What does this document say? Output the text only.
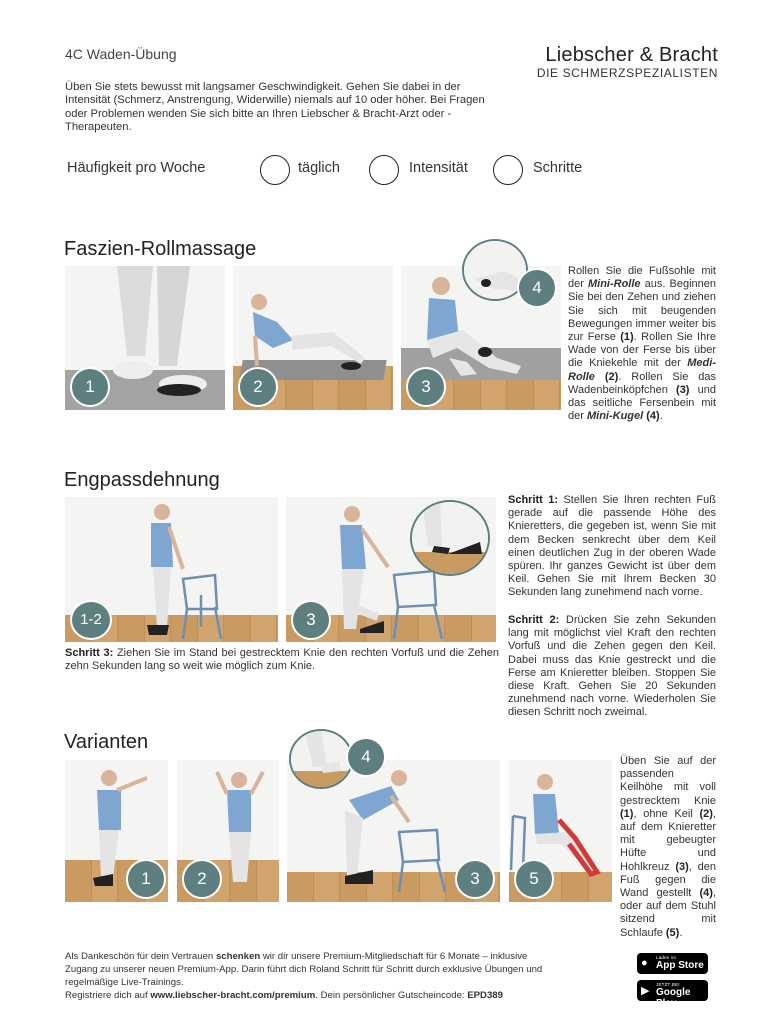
4C Waden-Übung	Liebscher & Bracht
DIE SCHMERZSPEZIALISTEN
Üben Sie stets bewusst mit langsamer Geschwindigkeit. Gehen Sie dabei in der Intensität (Schmerz, Anstrengung, Widerwille) niemals auf 10 oder höher. Bei Fragen oder Problemen wenden Sie sich bitte an Ihren Liebscher & Bracht-Arzt oder -Therapeuten.
Häufigkeit pro Woche	täglich	Intensität	Schritte
Faszien-Rollmassage
1	2
4
3
Rollen Sie die Fußsohle mit der Mini-Rolle aus. Beginnen Sie bei den Zehen und ziehen Sie sich mit beugenden Bewegungen immer weiter bis zur Ferse (1). Rollen Sie Ihre Wade von der Ferse bis über die Kniekehle mit der Medi-Rolle (2). Rollen Sie das Wadenbeinköpfchen (3) und das seitliche Fersenbein mit der Mini-Kugel (4).
Engpassdehnung
1-2	3
Schritt 1: Stellen Sie Ihren rechten Fuß gerade auf die passende Höhe des Knieretters, die gegeben ist, wenn Sie mit dem Becken senkrecht über dem Keil einen deutlichen Zug in der oberen Wade spüren. Ihr ganzes Gewicht ist über dem Keil. Gehen Sie mit Ihrem Becken 30 Sekunden lang zunehmend nach vorne.
Schritt 2: Drücken Sie zehn Sekunden lang mit möglichst viel Kraft den rechten Vorfuß und die Zehen gegen den Keil. Dabei muss das Knie gestreckt und die Ferse am Knieretter bleiben. Stoppen Sie diese Kraft. Gehen Sie 20 Sekunden zunehmend nach vorne. Wiederholen Sie diesen Schritt noch zweimal.
Schritt 3: Ziehen Sie im Stand bei gestrecktem Knie den rechten Vorfuß und die Zehen zehn Sekunden lang so weit wie möglich zum Knie.
Varianten
1	2
4
3	5
Üben Sie auf der passenden Keilhöhe mit voll gestrecktem Knie (1), ohne Keil (2), auf dem Knieretter mit gebeugter Hüfte und Hohlkreuz (3), den Fuß gegen die Wand gestellt (4), oder auf dem Stuhl sitzend mit Schlaufe (5).
Als Dankeschön für dein Vertrauen schenken wir dir unsere Premium-Mitgliedschaft für 6 Monate – inklusive Zugang zu unserer neuen Premium-App. Darin führt dich Roland Schritt für Schritt durch exklusive Übungen und regelmäßige Live-Trainings.
Registriere dich auf www.liebscher-bracht.com/premium. Dein persönlicher Gutscheincode: EPD389
● Laden im
App Store
▶
JETZT BEI
Google Play
